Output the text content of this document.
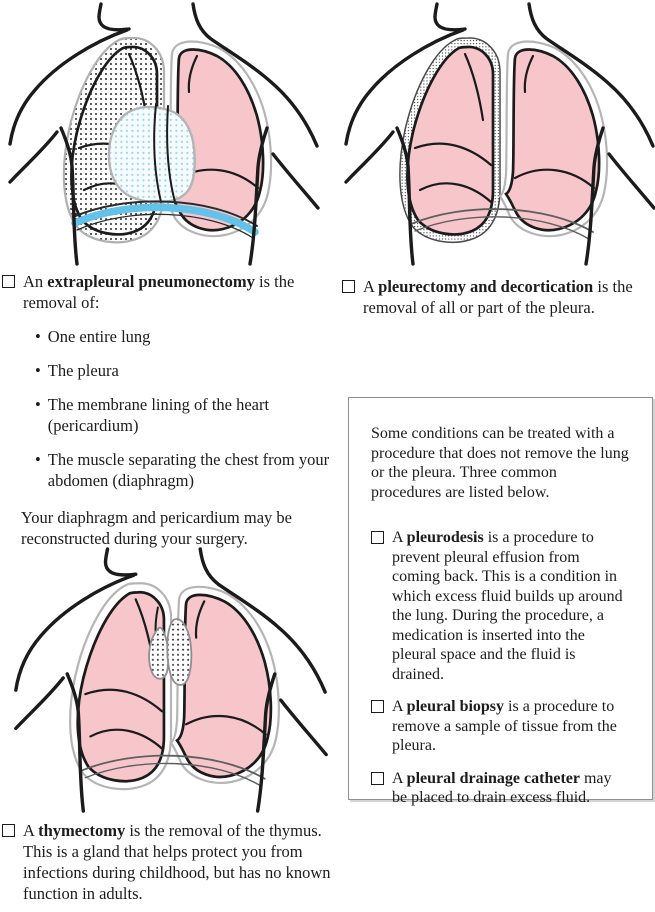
An extrapleural pneumonectomy is the removal of:
• One entire lung
• The pleura
• The membrane lining of the heart (pericardium)
• The muscle separating the chest from your abdomen (diaphragm)
Your diaphragm and pericardium may be reconstructed during your surgery.
A pleurectomy and decortication is the removal of all or part of the pleura.
Some conditions can be treated with a procedure that does not remove the lung or the pleura. Three common procedures are listed below.
A pleurodesis is a procedure to prevent pleural effusion from coming back. This is a condition in which excess fluid builds up around the lung. During the procedure, a medication is inserted into the pleural space and the fluid is drained.
A pleural biopsy is a procedure to remove a sample of tissue from the pleura.
A pleural drainage catheter may be placed to drain excess fluid.
A thymectomy is the removal of the thymus. This is a gland that helps protect you from infections during childhood, but has no known function in adults.
